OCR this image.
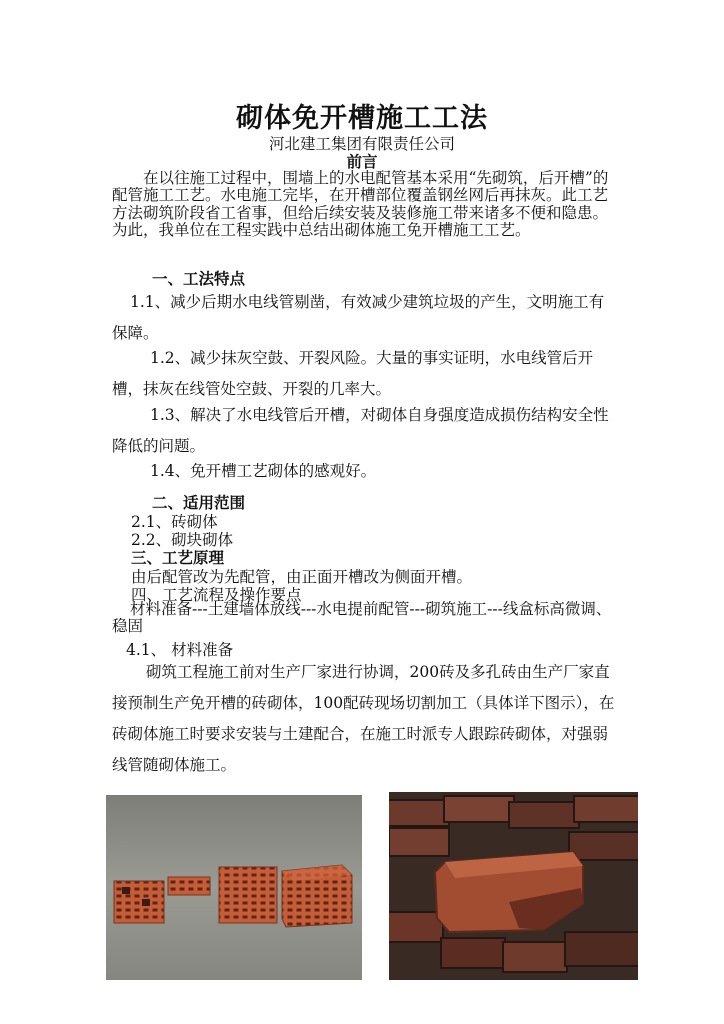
砌体免开槽施工工法
河北建工集团有限责任公司
前言
在以往施工过程中，围墙上的水电配管基本采用“先砌筑，后开槽”的配管施工工艺。水电施工完毕，在开槽部位覆盖钢丝网后再抹灰。此工艺方法砌筑阶段省工省事，但给后续安装及装修施工带来诸多不便和隐患。为此，我单位在工程实践中总结出砌体施工免开槽施工工艺。
一、工法特点
1.1、减少后期水电线管剔凿，有效减少建筑垃圾的产生，文明施工有保障。
1.2、减少抹灰空鼓、开裂风险。大量的事实证明，水电线管后开槽，抹灰在线管处空鼓、开裂的几率大。
1.3、解决了水电线管后开槽，对砌体自身强度造成损伤结构安全性降低的问题。
1.4、免开槽工艺砌体的感观好。
二、适用范围
2.1、砖砌体
2.2、砌块砌体
三、工艺原理
由后配管改为先配管，由正面开槽改为侧面开槽。
四、工艺流程及操作要点
材料准备---土建墙体放线---水电提前配管---砌筑施工---线盒标高微调、稳固
4.1、 材料准备
砌筑工程施工前对生产厂家进行协调，200砖及多孔砖由生产厂家直接预制生产免开槽的砖砌体，100配砖现场切割加工（具体详下图示），在砖砌体施工时要求安装与土建配合，在施工时派专人跟踪砖砌体，对强弱线管随砌体施工。
